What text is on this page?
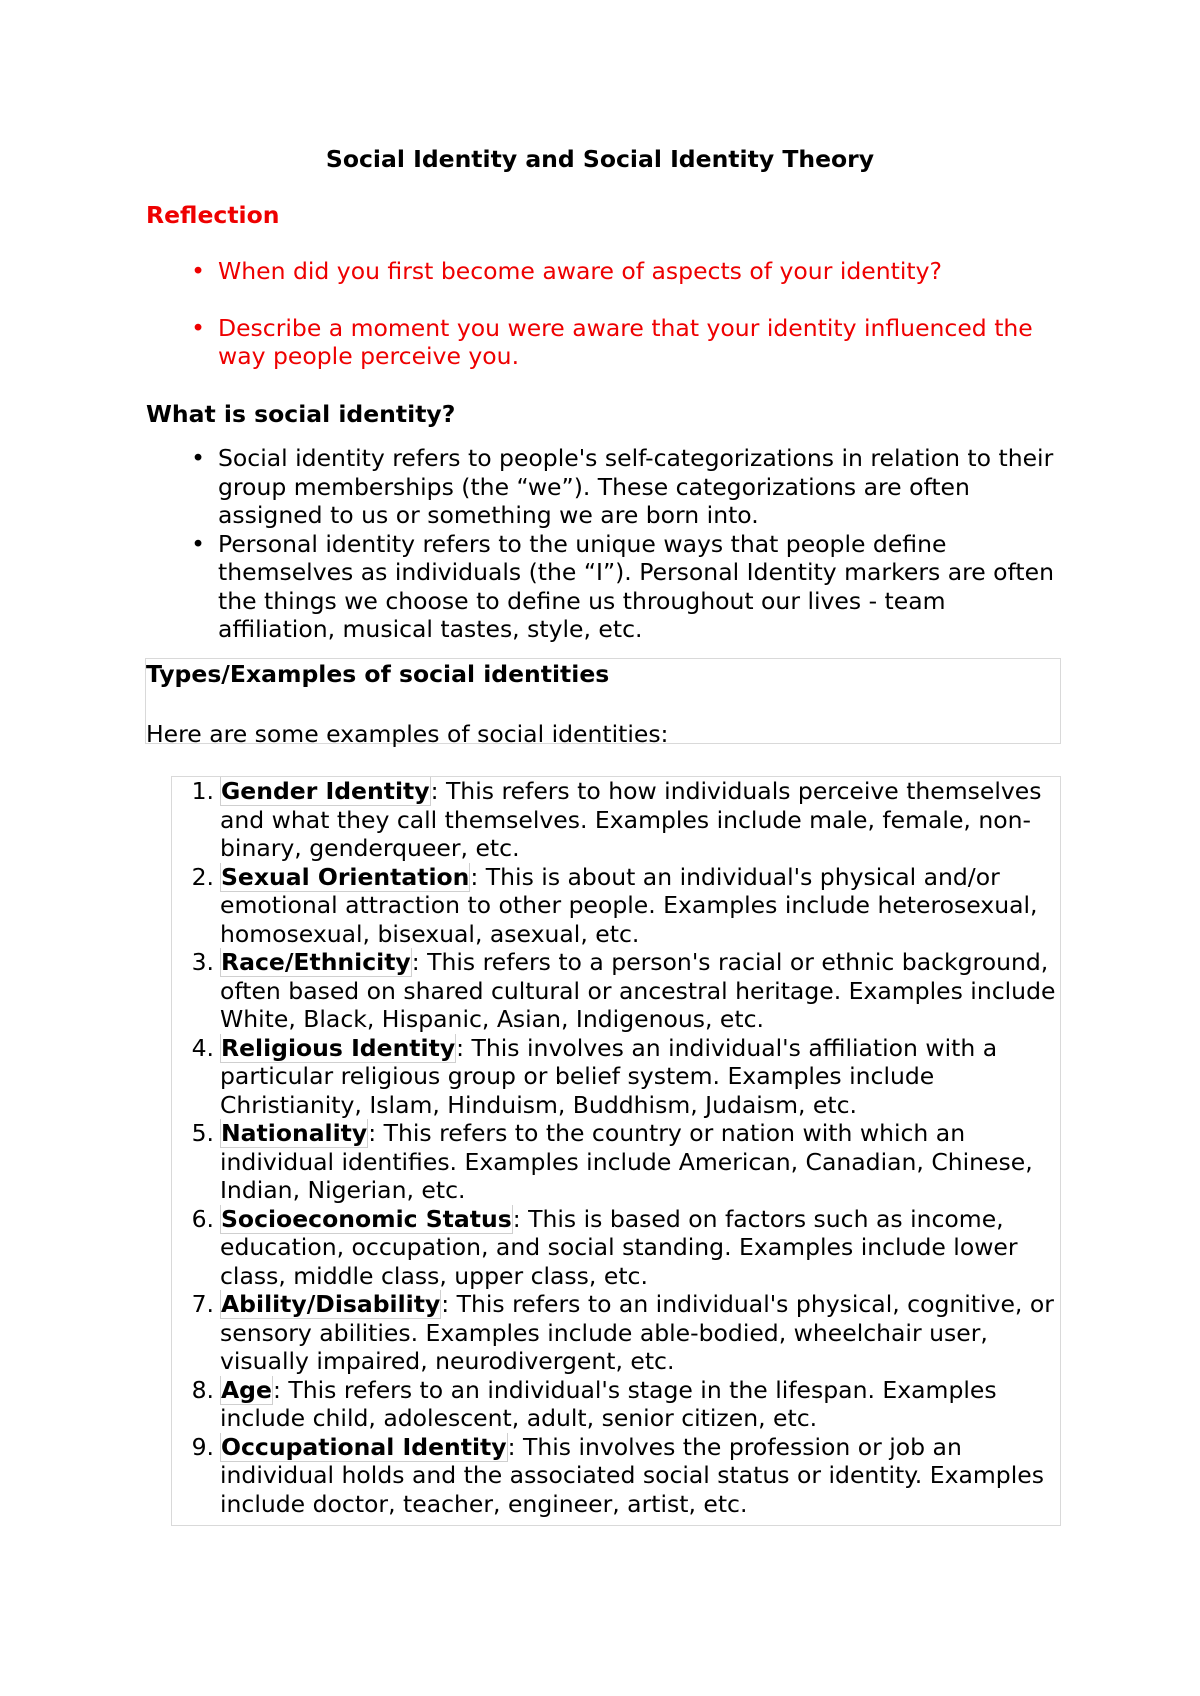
Social Identity and Social Identity Theory
Reflection
• When did you first become aware of aspects of your identity?
• Describe a moment you were aware that your identity influenced the way people perceive you.
What is social identity?
• Social identity refers to people's self-categorizations in relation to their group memberships (the “we”). These categorizations are often assigned to us or something we are born into.
• Personal identity refers to the unique ways that people define themselves as individuals (the “I”). Personal Identity markers are often the things we choose to define us throughout our lives - team affiliation, musical tastes, style, etc.

Types/Examples of social identities

Here are some examples of social identities:

1. Gender Identity: This refers to how individuals perceive themselves and what they call themselves. Examples include male, female, non-binary, genderqueer, etc.
2. Sexual Orientation: This is about an individual's physical and/or emotional attraction to other people. Examples include heterosexual, homosexual, bisexual, asexual, etc.
3. Race/Ethnicity: This refers to a person's racial or ethnic background, often based on shared cultural or ancestral heritage. Examples include White, Black, Hispanic, Asian, Indigenous, etc.
4. Religious Identity: This involves an individual's affiliation with a particular religious group or belief system. Examples include Christianity, Islam, Hinduism, Buddhism, Judaism, etc.
5. Nationality: This refers to the country or nation with which an individual identifies. Examples include American, Canadian, Chinese, Indian, Nigerian, etc.
6. Socioeconomic Status: This is based on factors such as income, education, occupation, and social standing. Examples include lower class, middle class, upper class, etc.
7. Ability/Disability: This refers to an individual's physical, cognitive, or sensory abilities. Examples include able-bodied, wheelchair user, visually impaired, neurodivergent, etc.
8. Age: This refers to an individual's stage in the lifespan. Examples include child, adolescent, adult, senior citizen, etc.
9. Occupational Identity: This involves the profession or job an individual holds and the associated social status or identity. Examples include doctor, teacher, engineer, artist, etc.
